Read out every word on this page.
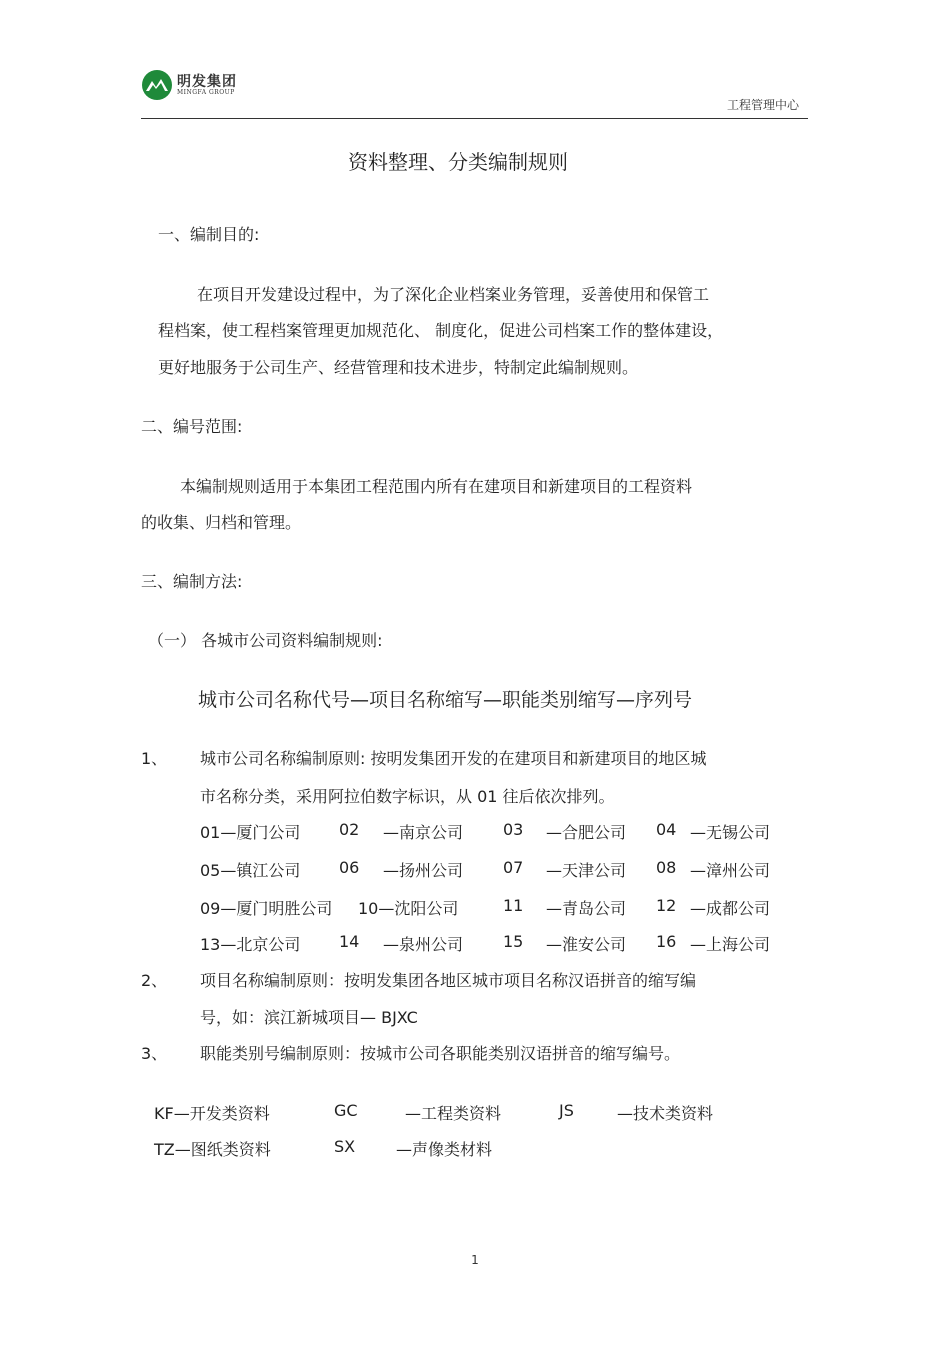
明发集团
MINGFA GROUP
工程管理中心
资料整理、分类编制规则
一、编制目的:
在项目开发建设过程中，为了深化企业档案业务管理，妥善使用和保管工
程档案，使工程档案管理更加规范化、 制度化，促进公司档案工作的整体建设，
更好地服务于公司生产、经营管理和技术进步，特制定此编制规则。
二、编号范围:
本编制规则适用于本集团工程范围内所有在建项目和新建项目的工程资料
的收集、归档和管理。
三、编制方法:
（一） 各城市公司资料编制规则:
城市公司名称代号—项目名称缩写—职能类别缩写—序列号
1、 城市公司名称编制原则: 按明发集团开发的在建项目和新建项目的地区城
市名称分类，采用阿拉伯数字标识，从 01 往后依次排列。
01—厦门公司 02 —南京公司 03 —合肥公司 04 —无锡公司
05—镇江公司 06 —扬州公司 07 —天津公司 08 —漳州公司
09—厦门明胜公司 10—沈阳公司	11 —青岛公司 12 —成都公司
13—北京公司 14 —泉州公司 15 —淮安公司 16 —上海公司
2、 项目名称编制原则：按明发集团各地区城市项目名称汉语拼音的缩写编
号，如：滨江新城项目— BJXC
3、 职能类别号编制原则：按城市公司各职能类别汉语拼音的缩写编号。
KF—开发类资料	GC	—工程类资料	JS	—技术类资料
TZ—图纸类资料	SX	—声像类材料
1
